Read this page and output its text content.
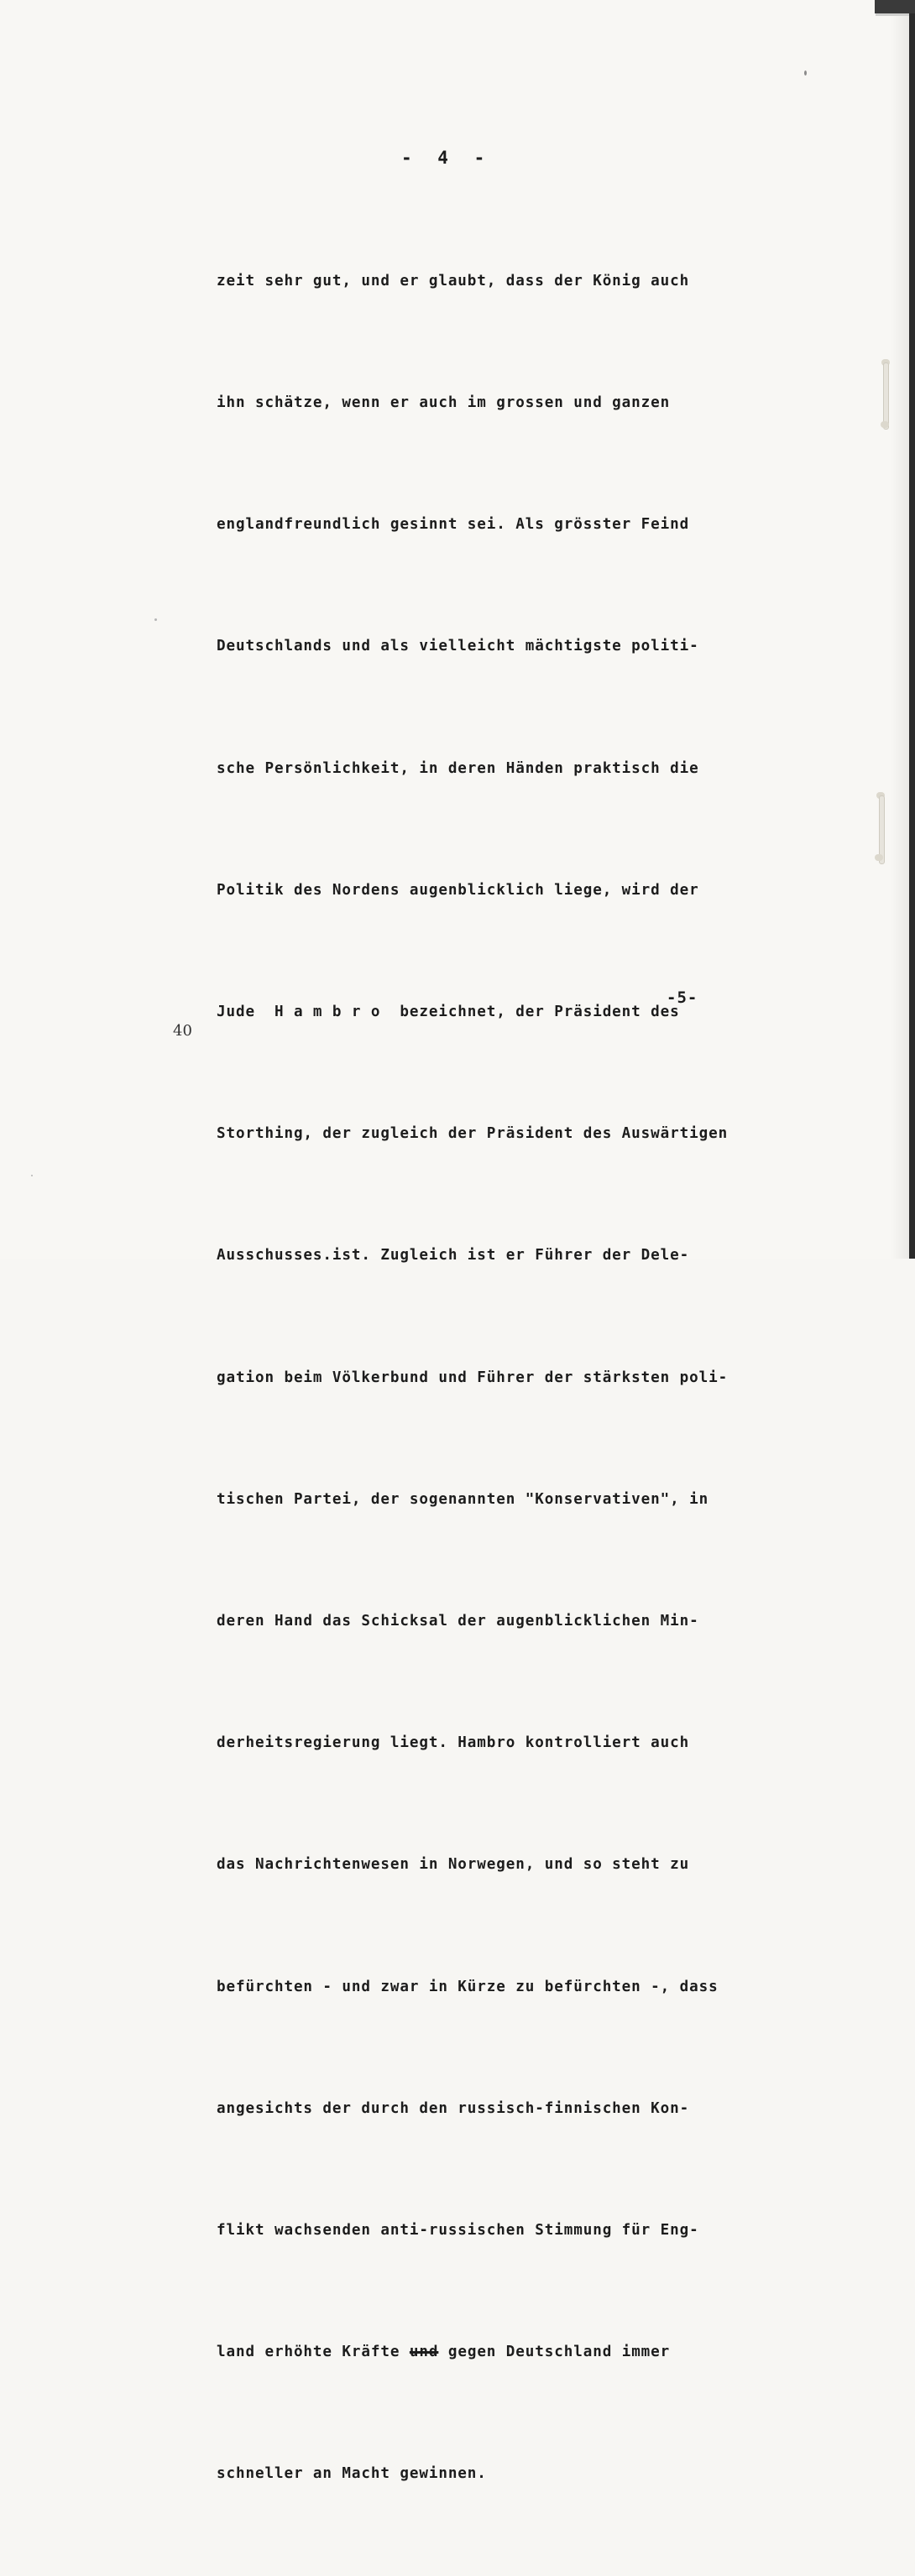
- 4 -

zeit sehr gut, und er glaubt, dass der König auch

ihn schätze, wenn er auch im grossen und ganzen

englandfreundlich gesinnt sei. Als grösster Feind

Deutschlands und als vielleicht mächtigste politi-

sche Persönlichkeit, in deren Händen praktisch die

Politik des Nordens augenblicklich liege, wird der

Jude  H a m b r o  bezeichnet, der Präsident des

Storthing, der zugleich der Präsident des Auswärtigen

Ausschusses.ist. Zugleich ist er Führer der Dele-

gation beim Völkerbund und Führer der stärksten poli-

tischen Partei, der sogenannten "Konservativen", in

deren Hand das Schicksal der augenblicklichen Min-

derheitsregierung liegt. Hambro kontrolliert auch

das Nachrichtenwesen in Norwegen, und so steht zu

befürchten - und zwar in Kürze zu befürchten -, dass

angesichts der durch den russisch-finnischen Kon-

flikt wachsenden anti-russischen Stimmung für Eng-

land erhöhte Kräfte und gegen Deutschland immer

schneller an Macht gewinnen.

-5-
40
